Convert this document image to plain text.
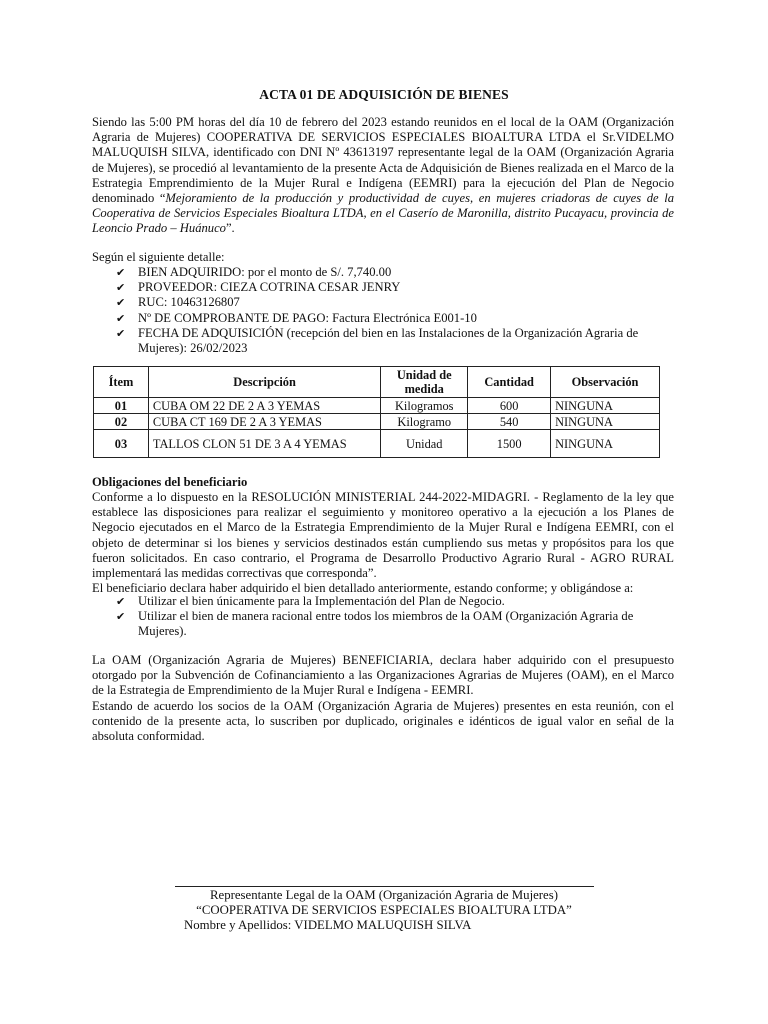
ACTA 01 DE ADQUISICIÓN DE BIENES

Siendo las 5:00 PM horas del día 10 de febrero del 2023 estando reunidos en el local de la OAM (Organización Agraria de Mujeres) COOPERATIVA DE SERVICIOS ESPECIALES BIOALTURA LTDA el Sr.VIDELMO MALUQUISH SILVA, identificado con DNI Nº 43613197 representante legal de la OAM (Organización Agraria de Mujeres), se procedió al levantamiento de la presente Acta de Adquisición de Bienes realizada en el Marco de la Estrategia Emprendimiento de la Mujer Rural e Indígena (EEMRI) para la ejecución del Plan de Negocio denominado “Mejoramiento de la producción y productividad de cuyes, en mujeres criadoras de cuyes de la Cooperativa de Servicios Especiales Bioaltura LTDA, en el Caserío de Maronilla, distrito Pucayacu, provincia de Leoncio Prado – Huánuco”.

Según el siguiente detalle:
✔ BIEN ADQUIRIDO: por el monto de S/. 7,740.00
✔ PROVEEDOR: CIEZA COTRINA CESAR JENRY
✔ RUC: 10463126807
✔ Nº DE COMPROBANTE DE PAGO: Factura Electrónica E001-10
✔ FECHA DE ADQUISICIÓN (recepción del bien en las Instalaciones de la Organización Agraria de Mujeres): 26/02/2023
Ítem	Descripción	Unidad de medida	Cantidad	Observación
01	CUBA OM 22 DE 2 A 3 YEMAS	Kilogramos	600	NINGUNA
02	CUBA CT 169 DE 2 A 3 YEMAS	Kilogramo	540	NINGUNA
03	TALLOS CLON 51 DE 3 A 4 YEMAS	Unidad	1500	NINGUNA
Obligaciones del beneficiario

Conforme a lo dispuesto en la RESOLUCIÓN MINISTERIAL 244-2022-MIDAGRI. - Reglamento de la ley que establece las disposiciones para realizar el seguimiento y monitoreo operativo a la ejecución a los Planes de Negocio ejecutados en el Marco de la Estrategia Emprendimiento de la Mujer Rural e Indígena EEMRI, con el objeto de determinar si los bienes y servicios destinados están cumpliendo sus metas y propósitos para los que fueron solicitados. En caso contrario, el Programa de Desarrollo Productivo Agrario Rural - AGRO RURAL implementará las medidas correctivas que corresponda”.

El beneficiario declara haber adquirido el bien detallado anteriormente, estando conforme; y obligándose a:

✔ Utilizar el bien únicamente para la Implementación del Plan de Negocio.
✔ Utilizar el bien de manera racional entre todos los miembros de la OAM (Organización Agraria de Mujeres).

La OAM (Organización Agraria de Mujeres) BENEFICIARIA, declara haber adquirido con el presupuesto otorgado por la Subvención de Cofinanciamiento a las Organizaciones Agrarias de Mujeres (OAM), en el Marco de la Estrategia de Emprendimiento de la Mujer Rural e Indígena - EEMRI.

Estando de acuerdo los socios de la OAM (Organización Agraria de Mujeres) presentes en esta reunión, con el contenido de la presente acta, lo suscriben por duplicado, originales e idénticos de igual valor en señal de la absoluta conformidad.

Representante Legal de la OAM (Organización Agraria de Mujeres)
“COOPERATIVA DE SERVICIOS ESPECIALES BIOALTURA LTDA”
Nombre y Apellidos: VIDELMO MALUQUISH SILVA
